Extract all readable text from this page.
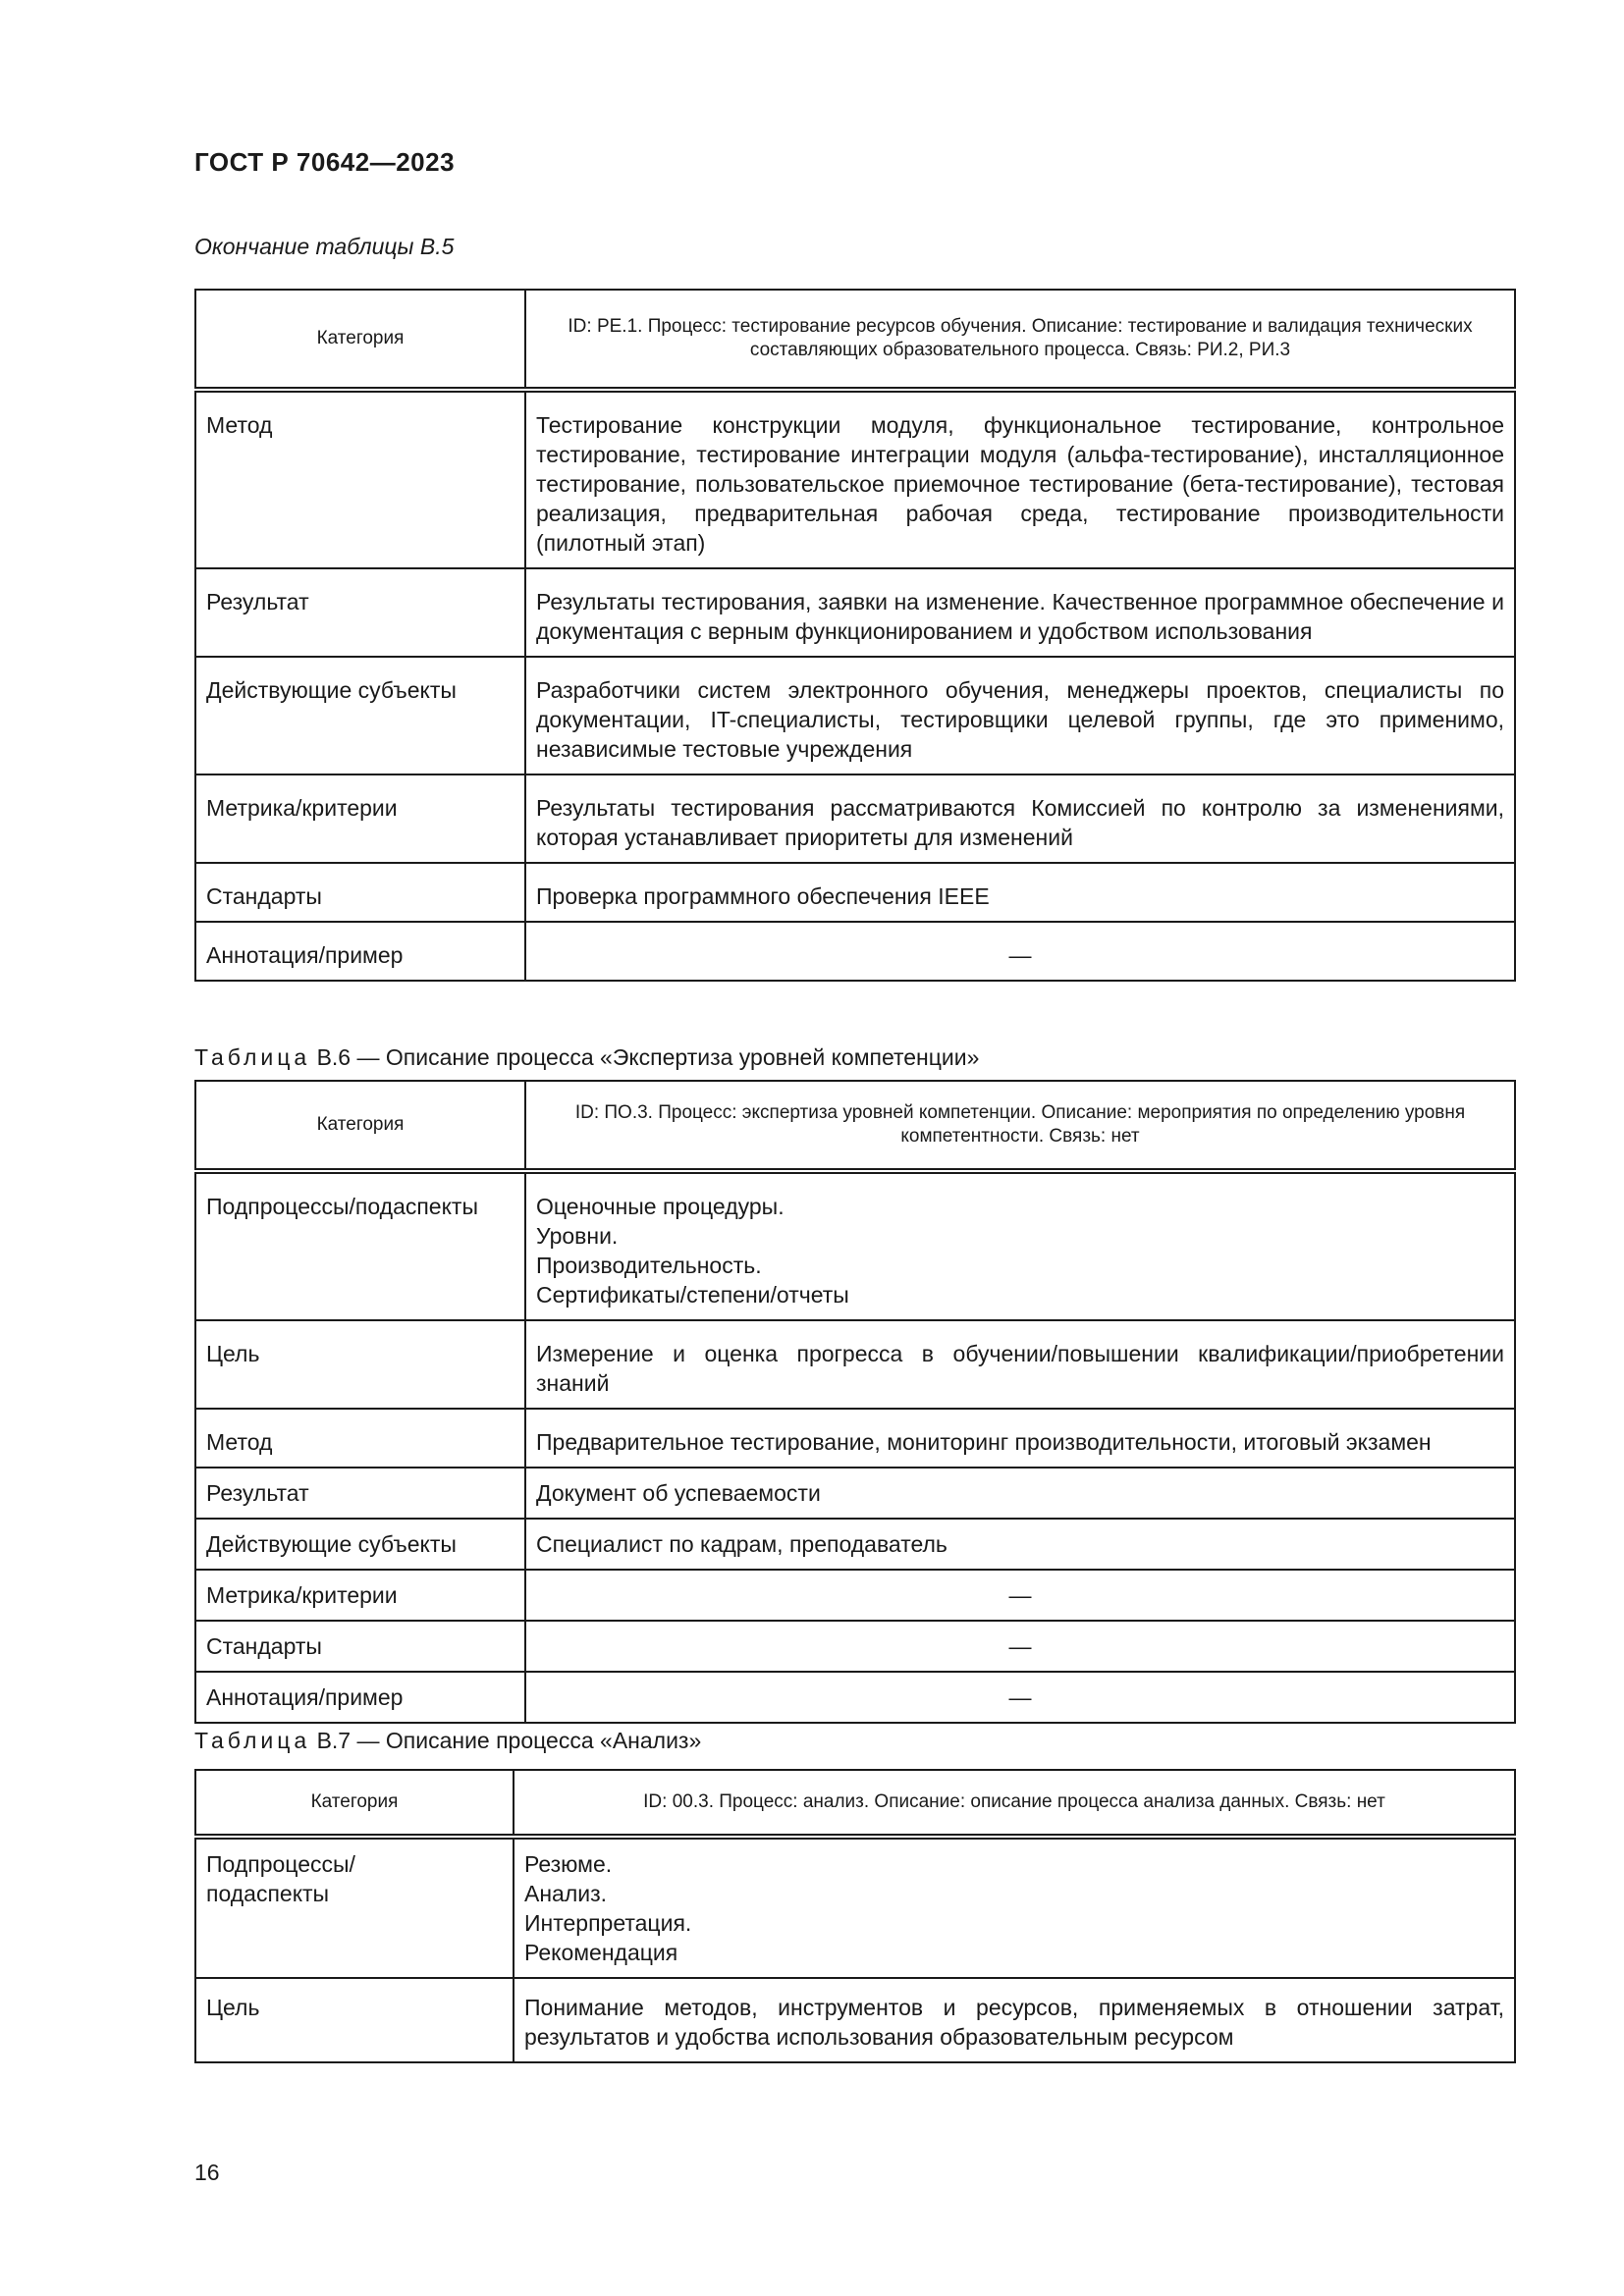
ГОСТ Р 70642—2023
Окончание таблицы В.5
Категория	ID: РЕ.1. Процесс: тестирование ресурсов обучения. Описание: тестирование и валидация технических составляющих образовательного процесса. Связь: РИ.2, РИ.3
Метод	Тестирование конструкции модуля, функциональное тестирование, контрольное тестирование, тестирование интеграции модуля (альфа-тестирование), инсталляционное тестирование, пользовательское приемочное тестирование (бета-тестирование), тестовая реализация, предварительная рабочая среда, тестирование производительности (пилотный этап)
Результат	Результаты тестирования, заявки на изменение. Качественное программное обеспечение и документация с верным функционированием и удобством использования
Действующие субъекты	Разработчики систем электронного обучения, менеджеры проектов, специалисты по документации, IT-специалисты, тестировщики целевой группы, где это применимо, независимые тестовые учреждения
Метрика/критерии	Результаты тестирования рассматриваются Комиссией по контролю за изменениями, которая устанавливает приоритеты для изменений
Стандарты	Проверка программного обеспечения IEEE
Аннотация/пример	—
Таблица В.6 — Описание процесса «Экспертиза уровней компетенции»
Категория	ID: ПО.3. Процесс: экспертиза уровней компетенции. Описание: мероприятия по определению уровня компетентности. Связь: нет
Подпроцессы/подаспекты	Оценочные процедуры.
Уровни.
Производительность.
Сертификаты/степени/отчеты

Цель	Измерение и оценка прогресса в обучении/повышении квалификации/приобретении знаний
Метод	Предварительное тестирование, мониторинг производительности, итоговый экзамен
Результат	Документ об успеваемости
Действующие субъекты	Специалист по кадрам, преподаватель
Метрика/критерии	—
Стандарты	—
Аннотация/пример	—
Таблица В.7 — Описание процесса «Анализ»
Категория	ID: 00.3. Процесс: анализ. Описание: описание процесса анализа данных. Связь: нет

Подпроцессы/
подаспекты	Резюме.
Анализ.
Интерпретация.
Рекомендация

Цель	Понимание методов, инструментов и ресурсов, применяемых в отношении затрат, результатов и удобства использования образовательным ресурсом
16
